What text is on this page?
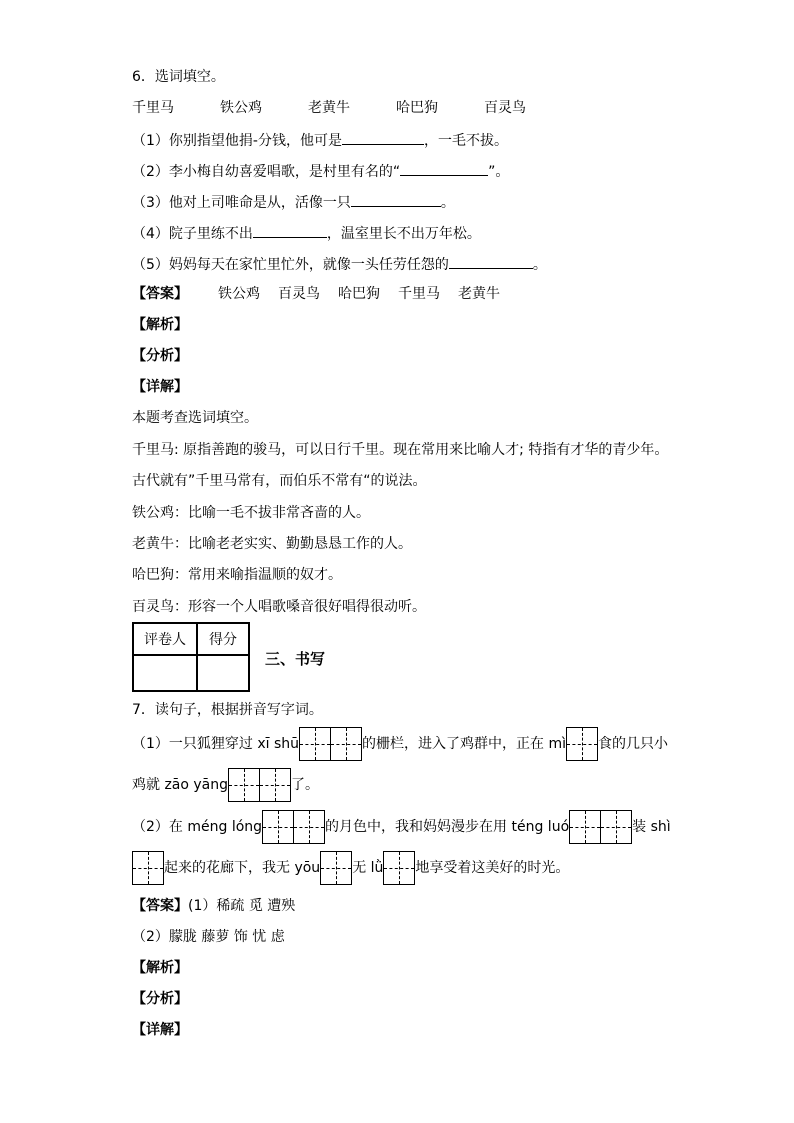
6．选词填空。
千里马	铁公鸡	老黄牛	哈巴狗	百灵鸟
（1）你别指望他捐-分钱，他可是	，一毛不拔。
（2）李小梅自幼喜爱唱歌，是村里有名的“	”。
（3）他对上司唯命是从，活像一只	。
（4）院子里练不出	，温室里长不出万年松。
（5）妈妈每天在家忙里忙外，就像一头任劳任怨的	。
【答案】 铁公鸡 百灵鸟 哈巴狗 千里马 老黄牛
【解析】
【分析】
【详解】
本题考查选词填空。
千里马: 原指善跑的骏马，可以日行千里。现在常用来比喻人才; 特指有才华的青少年。
古代就有”千里马常有，而伯乐不常有“的说法。
铁公鸡：比喻一毛不拔非常吝啬的人。
老黄牛：比喻老老实实、勤勤恳恳工作的人。
哈巴狗：常用来喻指温顺的奴才。
百灵鸟：形容一个人唱歌嗓音很好唱得很动听。
评卷人	得分

三、书写
7．读句子，根据拼音写字词。
（1）一只狐狸穿过 xī shū	的栅栏，进入了鸡群中，正在 mì 食的几只小
鸡就 zāo yāng	了。
（2）在 méng lóng	的月色中，我和妈妈漫步在用 téng luó	装 shì
起来的花廊下，我无 yōu 无 lǜ 地享受着这美好的时光。
【答案】(1）稀疏 觅 遭殃
（2）朦胧 藤萝 饰 忧 虑
【解析】
【分析】
【详解】
